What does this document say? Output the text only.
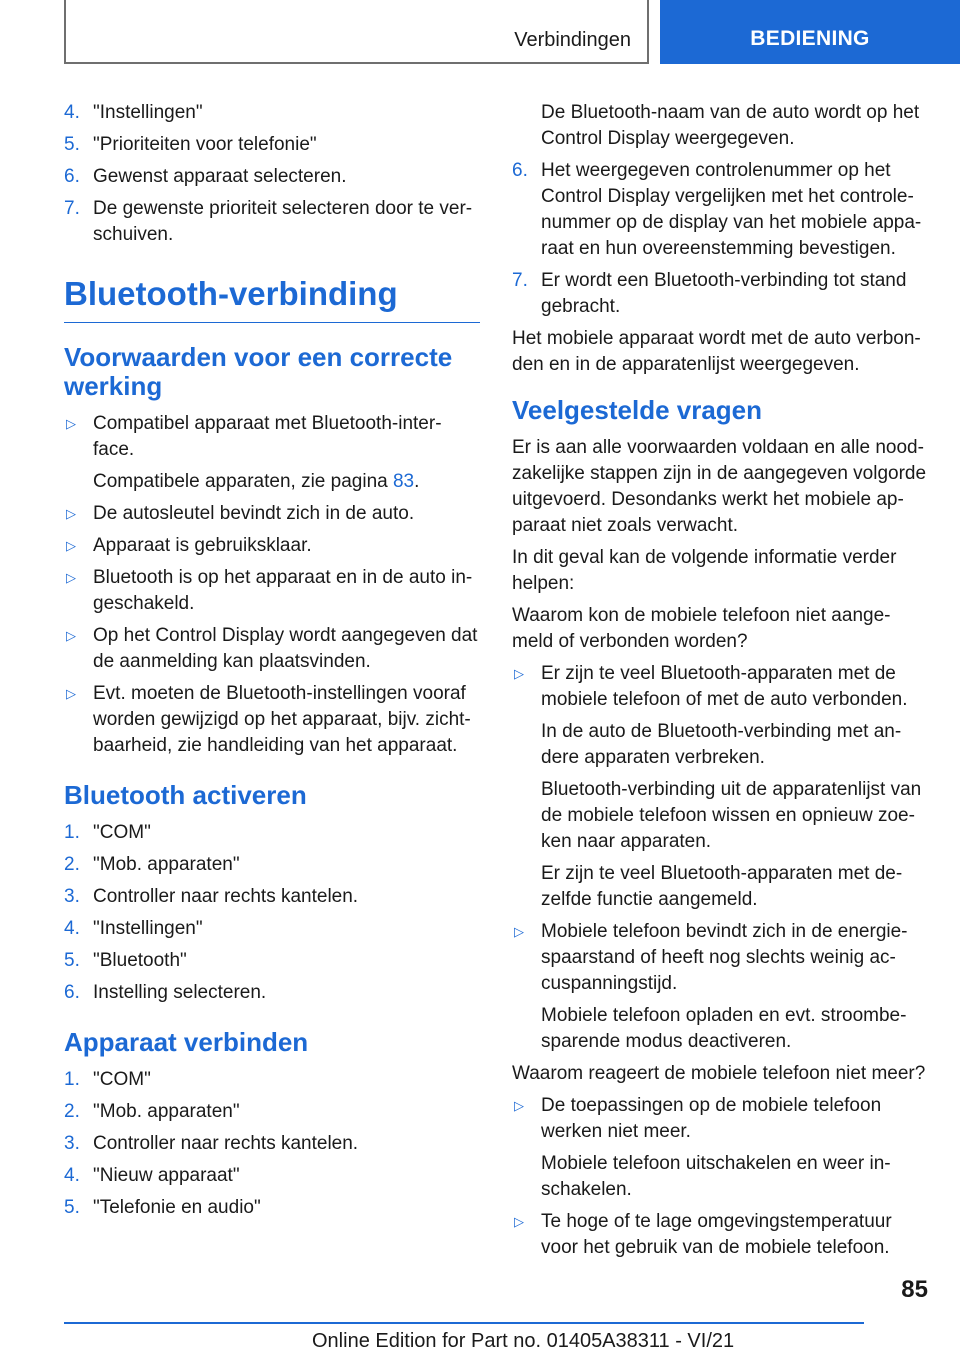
Verbindingen	BEDIENING
4. "Instellingen"
5. "Prioriteiten voor telefonie"
6. Gewenst apparaat selecteren.
7. De gewenste prioriteit selecteren door te ver-schuiven.
Bluetooth-verbinding
Voorwaarden voor een correcte werking
▷ Compatibel apparaat met Bluetooth-inter-face.
Compatibele apparaten, zie pagina 83.
▷ De autosleutel bevindt zich in de auto.
▷ Apparaat is gebruiksklaar.
▷ Bluetooth is op het apparaat en in de auto in-geschakeld.
▷ Op het Control Display wordt aangegeven dat de aanmelding kan plaatsvinden.
▷ Evt. moeten de Bluetooth-instellingen vooraf worden gewijzigd op het apparaat, bijv. zicht-baarheid, zie handleiding van het apparaat.
Bluetooth activeren
1. "COM"
2. "Mob. apparaten"
3. Controller naar rechts kantelen.
4. "Instellingen"
5. "Bluetooth"
6. Instelling selecteren.
Apparaat verbinden
1. "COM"
2. "Mob. apparaten"
3. Controller naar rechts kantelen.
4. "Nieuw apparaat"
5. "Telefonie en audio"
De Bluetooth-naam van de auto wordt op het Control Display weergegeven.
6. Het weergegeven controlenummer op het Control Display vergelijken met het controle-nummer op de display van het mobiele appa-raat en hun overeenstemming bevestigen.
7. Er wordt een Bluetooth-verbinding tot stand gebracht.
Het mobiele apparaat wordt met de auto verbon-den en in de apparatenlijst weergegeven.
Veelgestelde vragen
Er is aan alle voorwaarden voldaan en alle nood-zakelijke stappen zijn in de aangegeven volgorde uitgevoerd. Desondanks werkt het mobiele ap-paraat niet zoals verwacht.
In dit geval kan de volgende informatie verder helpen:
Waarom kon de mobiele telefoon niet aange-meld of verbonden worden?
▷ Er zijn te veel Bluetooth-apparaten met de mobiele telefoon of met de auto verbonden.
In de auto de Bluetooth-verbinding met an-dere apparaten verbreken.
Bluetooth-verbinding uit de apparatenlijst van de mobiele telefoon wissen en opnieuw zoe-ken naar apparaten.
Er zijn te veel Bluetooth-apparaten met de-zelfde functie aangemeld.
▷ Mobiele telefoon bevindt zich in de energie-spaarstand of heeft nog slechts weinig ac-cuspanningstijd.
Mobiele telefoon opladen en evt. stroombe-sparende modus deactiveren.
Waarom reageert de mobiele telefoon niet meer?
▷ De toepassingen op de mobiele telefoon werken niet meer.
Mobiele telefoon uitschakelen en weer in-schakelen.
▷ Te hoge of te lage omgevingstemperatuur voor het gebruik van de mobiele telefoon.
85
Online Edition for Part no. 01405A38311 - VI/21
